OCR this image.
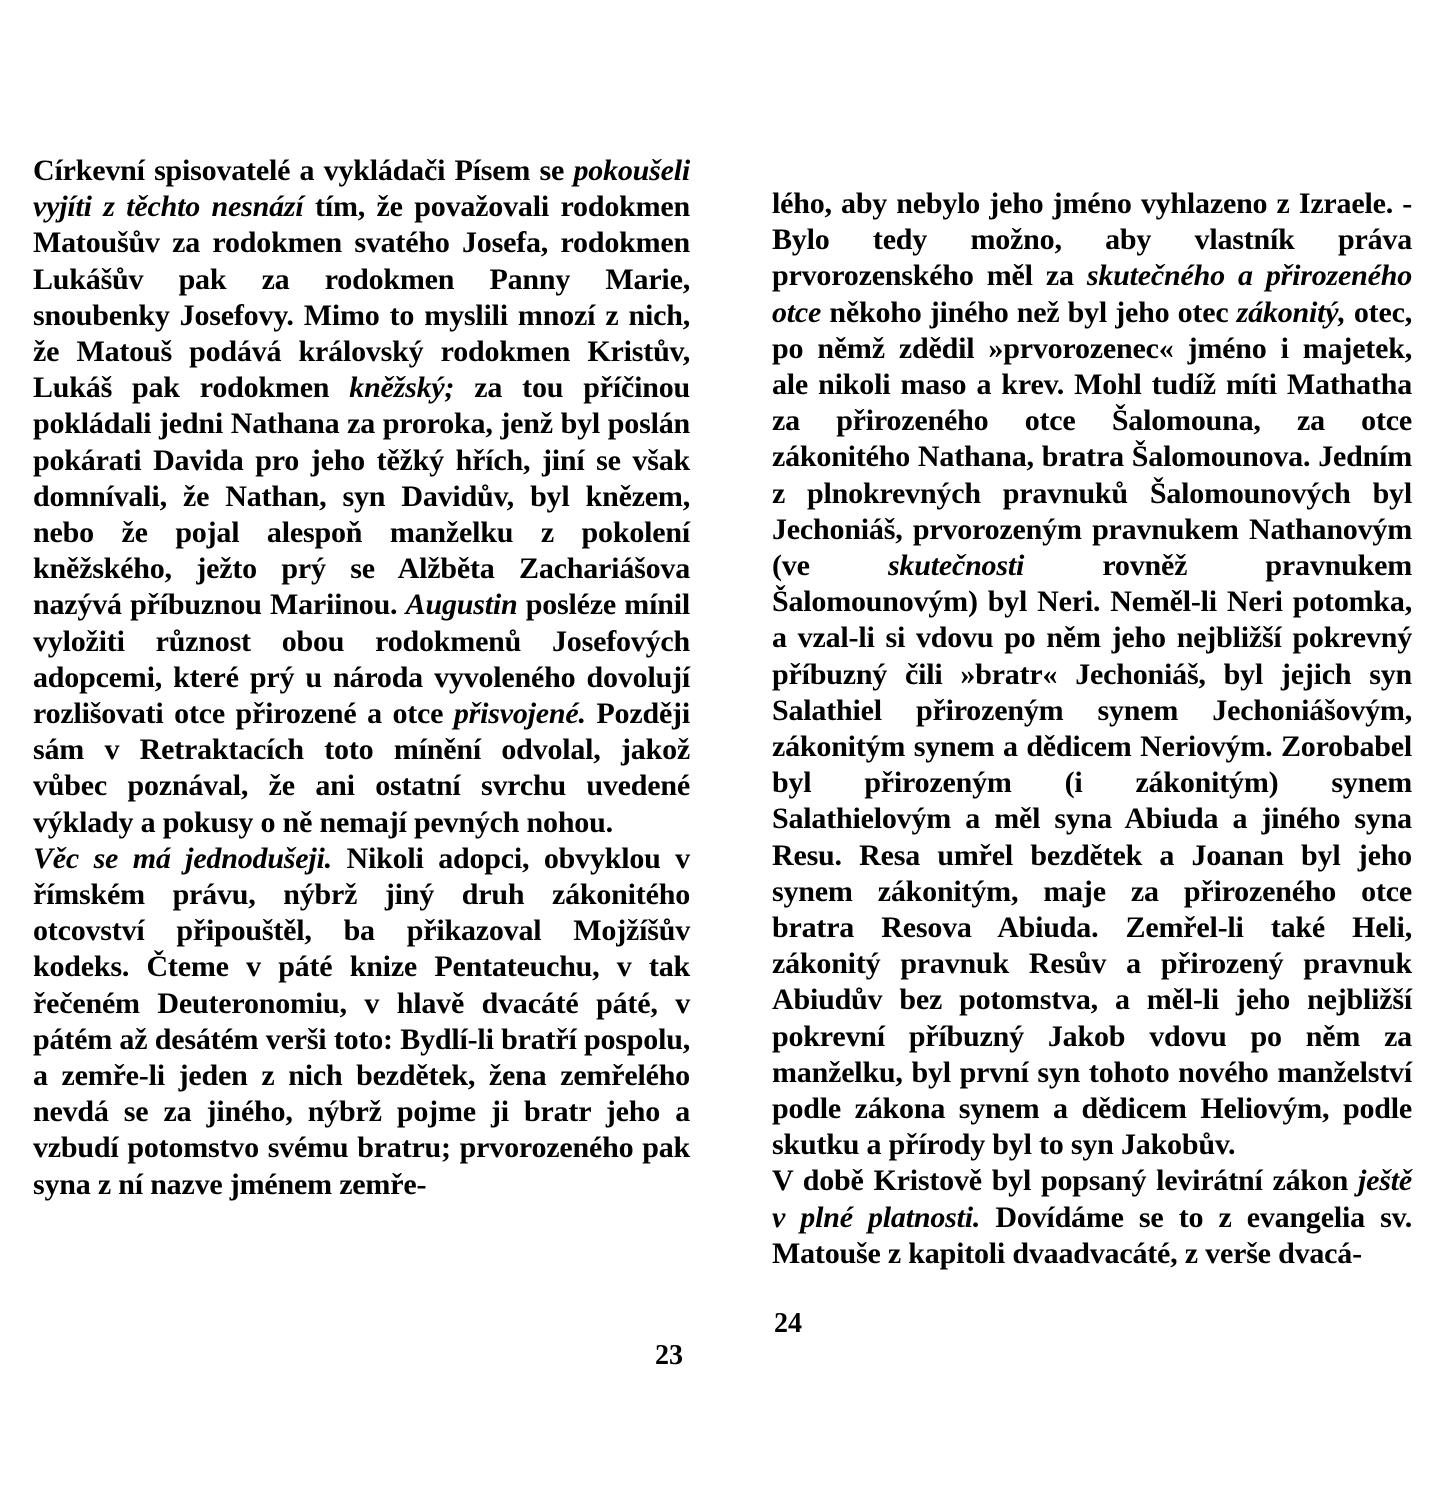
Církevní spisovatelé a vykládači Písem se pokoušeli vyjíti z těchto nesnází tím, že považovali rodokmen Matoušův za rodokmen svatého Josefa, rodokmen Lukášův pak za rodokmen Panny Marie, snoubenky Josefovy. Mimo to myslili mnozí z nich, že Matouš podává královský rodokmen Kristův, Lukáš pak rodokmen kněžský; za tou příčinou pokládali jedni Nathana za proroka, jenž byl poslán pokárati Davida pro jeho těžký hřích, jiní se však domnívali, že Nathan, syn Davidův, byl knězem, nebo že pojal alespoň manželku z pokolení kněžského, ježto prý se Alžběta Zachariášova nazývá příbuznou Mariinou. Augustin posléze mínil vyložiti různost obou rodokmenů Josefových adopcemi, které prý u národa vyvoleného dovolují rozlišovati otce přirozené a otce přisvojené. Později sám v Retraktacích toto mínění odvolal, jakož vůbec poznával, že ani ostatní svrchu uvedené výklady a pokusy o ně nemají pevných nohou.

Věc se má jednodušeji. Nikoli adopci, obvyklou v římském právu, nýbrž jiný druh zákonitého otcovství připouštěl, ba přikazoval Mojžíšův kodeks. Čteme v páté knize Pentateuchu, v tak řečeném Deuteronomiu, v hlavě dvacáté páté, v pátém až desátém verši toto: Bydlí-li bratří pospolu, a zemře-li jeden z nich bezdětek, žena zemřelého nevdá se za jiného, nýbrž pojme ji bratr jeho a vzbudí potomstvo svému bratru; prvorozeného pak syna z ní nazve jménem zemře-

23

lého, aby nebylo jeho jméno vyhlazeno z Izraele. - Bylo tedy možno, aby vlastník práva prvorozenského měl za skutečného a přirozeného otce někoho jiného než byl jeho otec zákonitý, otec, po němž zdědil »prvorozenec« jméno i majetek, ale nikoli maso a krev. Mohl tudíž míti Mathatha za přirozeného otce Šalomouna, za otce zákonitého Nathana, bratra Šalomounova. Jedním z plnokrevných pravnuků Šalomounových byl Jechoniáš, prvorozeným pravnukem Nathanovým (ve skutečnosti rovněž pravnukem Šalomounovým) byl Neri. Neměl-li Neri potomka, a vzal-li si vdovu po něm jeho nejbližší pokrevný příbuzný čili »bratr« Jechoniáš, byl jejich syn Salathiel přirozeným synem Jechoniášovým, zákonitým synem a dědicem Neriovým. Zorobabel byl přirozeným (i zákonitým) synem Salathielovým a měl syna Abiuda a jiného syna Resu. Resa umřel bezdětek a Joanan byl jeho synem zákonitým, maje za přirozeného otce bratra Resova Abiuda. Zemřel-li také Heli, zákonitý pravnuk Resův a přirozený pravnuk Abiudův bez potomstva, a měl-li jeho nejbližší pokrevní příbuzný Jakob vdovu po něm za manželku, byl první syn tohoto nového manželství podle zákona synem a dědicem Heliovým, podle skutku a přírody byl to syn Jakobův.

V době Kristově byl popsaný levirátní zákon ještě v plné platnosti. Dovídáme se to z evangelia sv. Matouše z kapitoli dvaadvacáté, z verše dvacá-

24
